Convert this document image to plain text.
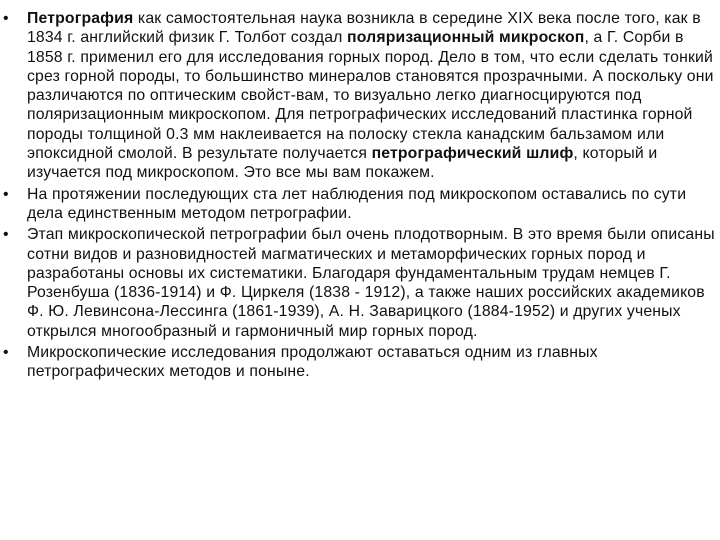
• Петрография как самостоятельная наука возникла в середине XIX века после того, как в 1834 г. английский физик Г. Толбот создал поляризационный микроскоп, а Г. Сорби в 1858 г. применил его для исследования горных пород. Дело в том, что если сделать тонкий срез горной породы, то большинство минералов становятся прозрачными. А поскольку они различаются по оптическим свойст-вам, то визуально легко диагносцируются под поляризационным микроскопом. Для петрографических исследований пластинка горной породы толщиной 0.3 мм наклеивается на полоску стекла канадским бальзамом или эпоксидной смолой. В результате получается петрографический шлиф, который и изучается под микроскопом. Это все мы вам покажем.
• На протяжении последующих ста лет наблюдения под микроскопом оставались по сути дела единственным методом петрографии.
• Этап микроскопической петрографии был очень плодотворным. В это время были описаны сотни видов и разновидностей магматических и метаморфических горных пород и разработаны основы их систематики. Благодаря фундаментальным трудам немцев Г. Розенбуша (1836-1914) и Ф. Циркеля (1838 - 1912), а также наших российских академиков Ф. Ю. Левинсона-Лессинга (1861-1939), А. Н. Заварицкого (1884-1952) и других ученых открылся многообразный и гармоничный мир горных пород.
• Микроскопические исследования продолжают оставаться одним из главных петрографических методов и поныне.
